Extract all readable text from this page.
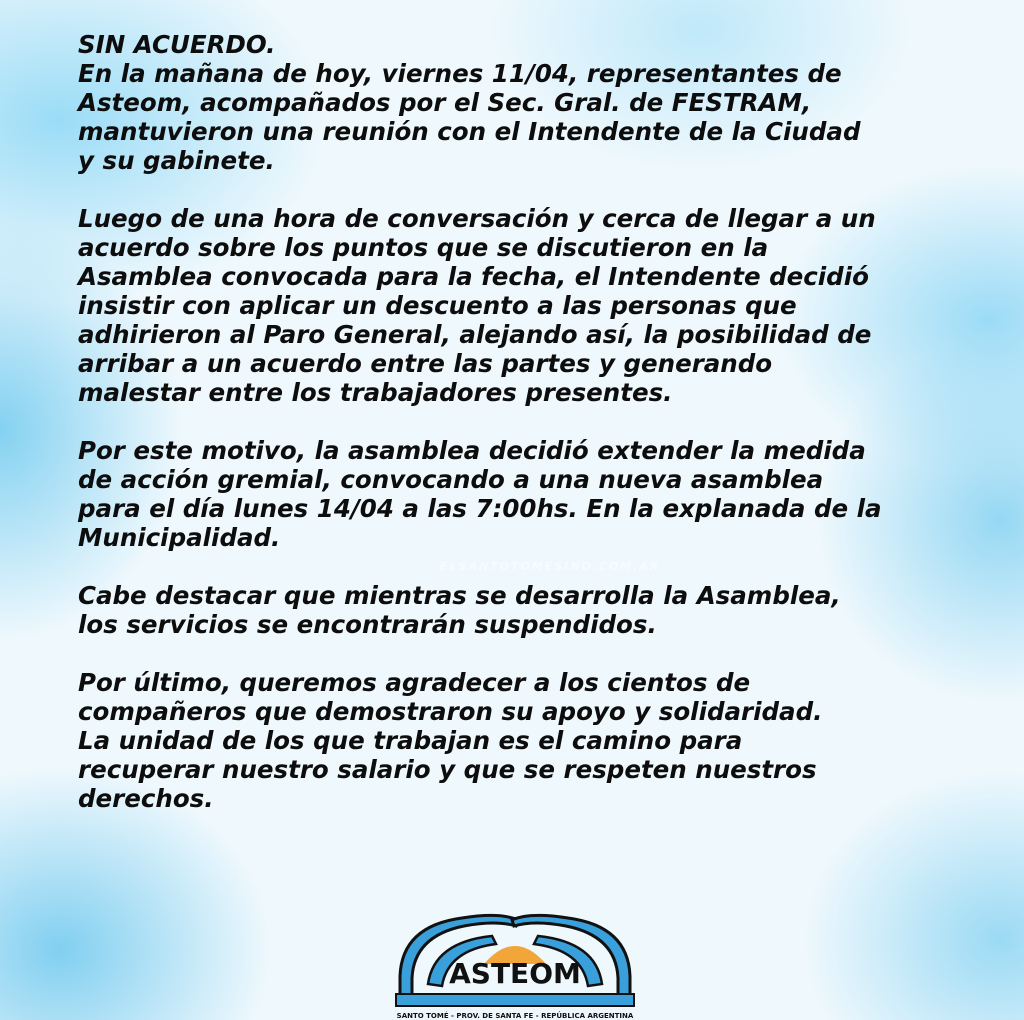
SIN ACUERDO.

En la mañana de hoy, viernes 11/04, representantes de
Asteom, acompañados por el Sec. Gral. de FESTRAM,
mantuvieron una reunión con el Intendente de la Ciudad
y su gabinete.

Luego de una hora de conversación y cerca de llegar a un
acuerdo sobre los puntos que se discutieron en la
Asamblea convocada para la fecha, el Intendente decidió
insistir con aplicar un descuento a las personas que
adhirieron al Paro General, alejando así, la posibilidad de
arribar a un acuerdo entre las partes y generando
malestar entre los trabajadores presentes.

Por este motivo, la asamblea decidió extender la medida
de acción gremial, convocando a una nueva asamblea
para el día lunes 14/04 a las 7:00hs. En la explanada de la
Municipalidad.

Cabe destacar que mientras se desarrolla la Asamblea,
los servicios se encontrarán suspendidos.

Por último, queremos agradecer a los cientos de
compañeros que demostraron su apoyo y solidaridad.
La unidad de los que trabajan es el camino para
recuperar nuestro salario y que se respeten nuestros
derechos.

ELSANTOTOMESINO.COM.AR
ASTEOM
SANTO TOMÉ - PROV. DE SANTA FE - REPÚBLICA ARGENTINA
